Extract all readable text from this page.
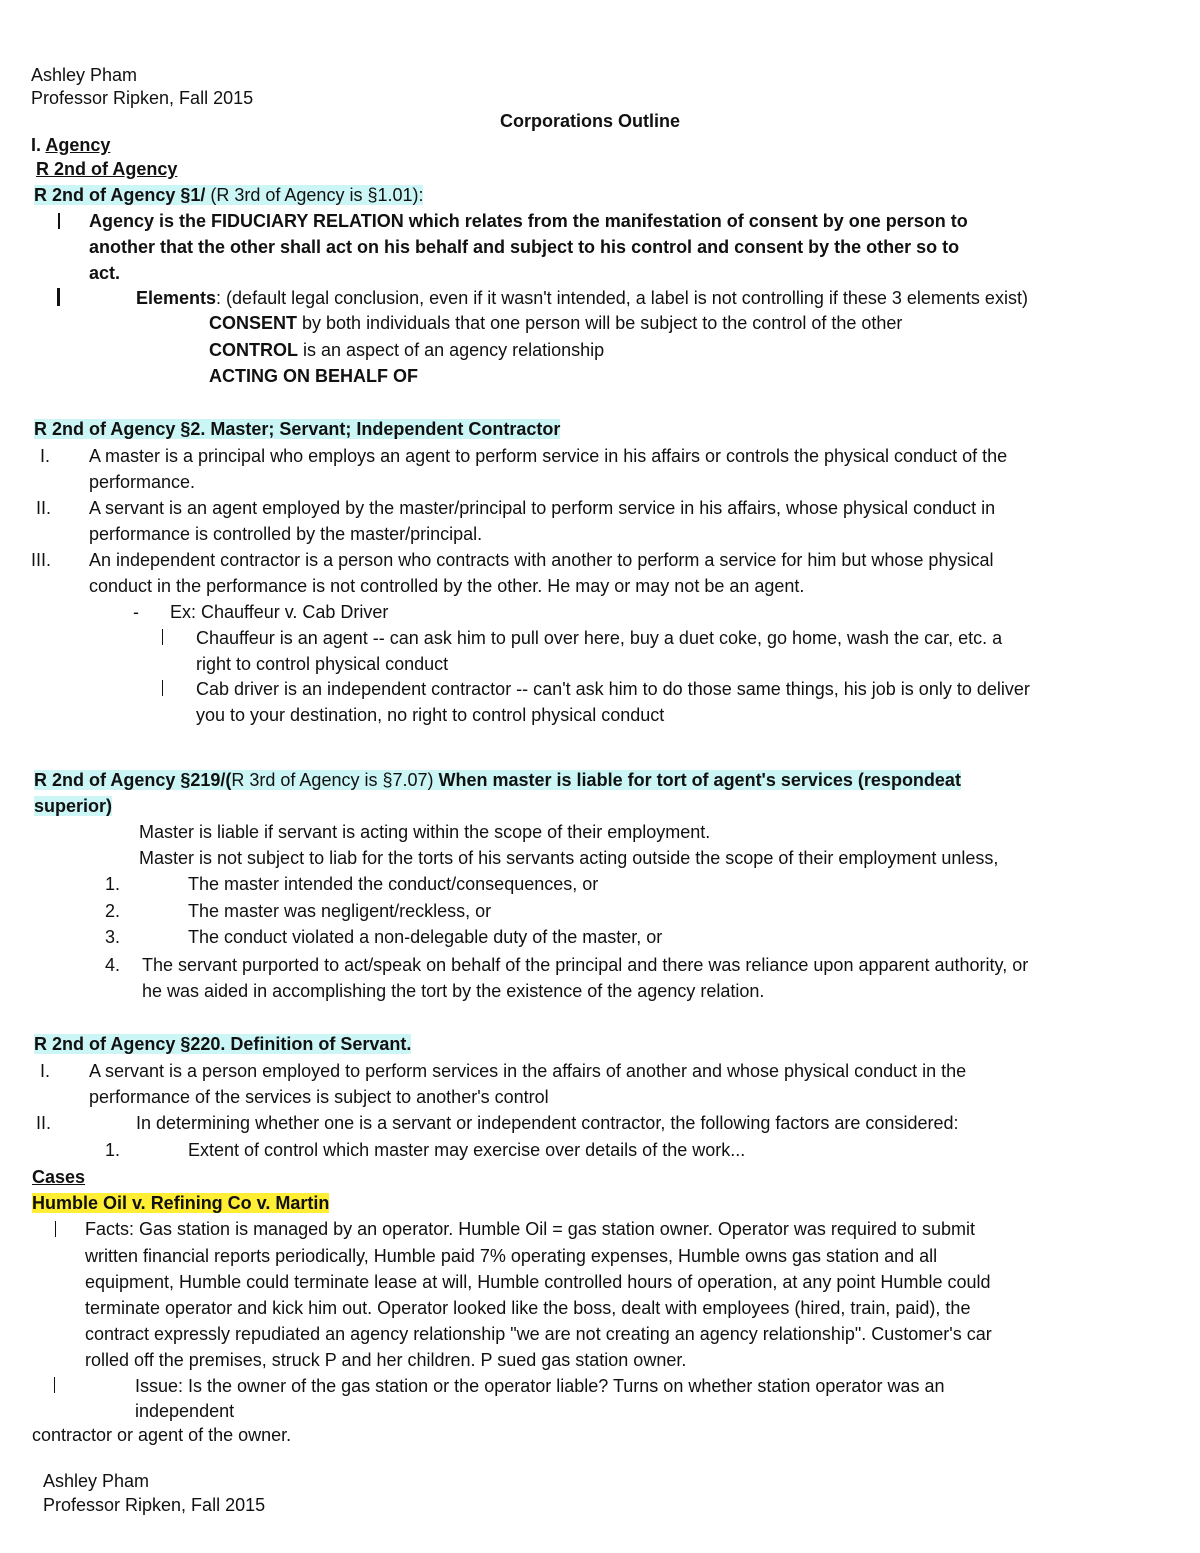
Ashley Pham
Professor Ripken, Fall 2015
Corporations Outline
I. Agency
R 2nd of Agency
R 2nd of Agency §1/ (R 3rd of Agency is §1.01):
Agency is the FIDUCIARY RELATION which relates from the manifestation of consent by one person to
another that the other shall act on his behalf and subject to his control and consent by the other so to
act.
Elements: (default legal conclusion, even if it wasn't intended, a label is not controlling if these 3 elements exist)
CONSENT by both individuals that one person will be subject to the control of the other
CONTROL is an aspect of an agency relationship
ACTING ON BEHALF OF
R 2nd of Agency §2. Master; Servant; Independent Contractor
I. A master is a principal who employs an agent to perform service in his affairs or controls the physical conduct of the
performance.
II. A servant is an agent employed by the master/principal to perform service in his affairs, whose physical conduct in
performance is controlled by the master/principal.
III. An independent contractor is a person who contracts with another to perform a service for him but whose physical
conduct in the performance is not controlled by the other. He may or may not be an agent.
- Ex: Chauffeur v. Cab Driver
Chauffeur is an agent -- can ask him to pull over here, buy a duet coke, go home, wash the car, etc. a
right to control physical conduct
Cab driver is an independent contractor -- can't ask him to do those same things, his job is only to deliver
you to your destination, no right to control physical conduct
R 2nd of Agency §219/(R 3rd of Agency is §7.07) When master is liable for tort of agent's services (respondeat
superior)
Master is liable if servant is acting within the scope of their employment.
Master is not subject to liab for the torts of his servants acting outside the scope of their employment unless,
1.	The master intended the conduct/consequences, or
2.	The master was negligent/reckless, or
3.	The conduct violated a non-delegable duty of the master, or
4. The servant purported to act/speak on behalf of the principal and there was reliance upon apparent authority, or
he was aided in accomplishing the tort by the existence of the agency relation.
R 2nd of Agency §220. Definition of Servant.
I. A servant is a person employed to perform services in the affairs of another and whose physical conduct in the
performance of the services is subject to another's control
II.	In determining whether one is a servant or independent contractor, the following factors are considered:
1.	Extent of control which master may exercise over details of the work...
Cases
Humble Oil v. Refining Co v. Martin
Facts: Gas station is managed by an operator. Humble Oil = gas station owner. Operator was required to submit
written financial reports periodically, Humble paid 7% operating expenses, Humble owns gas station and all
equipment, Humble could terminate lease at will, Humble controlled hours of operation, at any point Humble could
terminate operator and kick him out. Operator looked like the boss, dealt with employees (hired, train, paid), the
contract expressly repudiated an agency relationship "we are not creating an agency relationship". Customer's car
rolled off the premises, struck P and her children. P sued gas station owner.
Issue: Is the owner of the gas station or the operator liable? Turns on whether station operator was an
independent
contractor or agent of the owner.
Ashley Pham
Professor Ripken, Fall 2015
